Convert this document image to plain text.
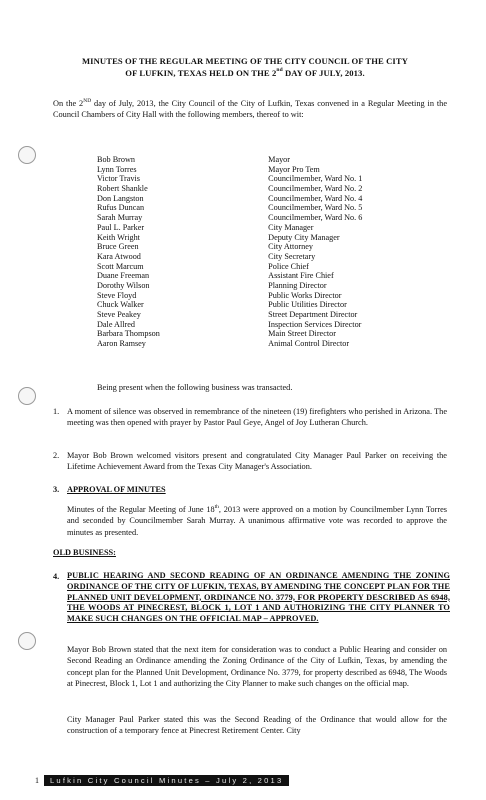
MINUTES OF THE REGULAR MEETING OF THE CITY COUNCIL OF THE CITY
OF LUFKIN, TEXAS HELD ON THE 2nd DAY OF JULY, 2013.
On the 2ND day of July, 2013, the City Council of the City of Lufkin, Texas convened in a Regular Meeting in the Council Chambers of City Hall with the following members, thereof to wit:
Bob Brown	Mayor
Lynn Torres	Mayor Pro Tem
Victor Travis	Councilmember, Ward No. 1
Robert Shankle	Councilmember, Ward No. 2
Don Langston	Councilmember, Ward No. 4
Rufus Duncan	Councilmember, Ward No. 5
Sarah Murray	Councilmember, Ward No. 6
Paul L. Parker	City Manager
Keith Wright	Deputy City Manager
Bruce Green	City Attorney
Kara Atwood	City Secretary
Scott Marcum	Police Chief
Duane Freeman	Assistant Fire Chief
Dorothy Wilson	Planning Director
Steve Floyd	Public Works Director
Chuck Walker	Public Utilities Director
Steve Peakey	Street Department Director
Dale Allred	Inspection Services Director
Barbara Thompson	Main Street Director
Aaron Ramsey	Animal Control Director
Being present when the following business was transacted.
1. A moment of silence was observed in remembrance of the nineteen (19) firefighters who perished in Arizona. The meeting was then opened with prayer by Pastor Paul Geye, Angel of Joy Lutheran Church.
2. Mayor Bob Brown welcomed visitors present and congratulated City Manager Paul Parker on receiving the Lifetime Achievement Award from the Texas City Manager's Association.
3. APPROVAL OF MINUTES
Minutes of the Regular Meeting of June 18th, 2013 were approved on a motion by Councilmember Lynn Torres and seconded by Councilmember Sarah Murray. A unanimous affirmative vote was recorded to approve the minutes as presented.
OLD BUSINESS:
4. PUBLIC HEARING AND SECOND READING OF AN ORDINANCE AMENDING THE ZONING ORDINANCE OF THE CITY OF LUFKIN, TEXAS, BY AMENDING THE CONCEPT PLAN FOR THE PLANNED UNIT DEVELOPMENT, ORDINANCE NO. 3779, FOR PROPERTY DESCRIBED AS 6948, THE WOODS AT PINECREST, BLOCK 1, LOT 1 AND AUTHORIZING THE CITY PLANNER TO MAKE SUCH CHANGES ON THE OFFICIAL MAP – APPROVED.
Mayor Bob Brown stated that the next item for consideration was to conduct a Public Hearing and consider on Second Reading an Ordinance amending the Zoning Ordinance of the City of Lufkin, Texas, by amending the concept plan for the Planned Unit Development, Ordinance No. 3779, for property described as 6948, The Woods at Pinecrest, Block 1, Lot 1 and authorizing the City Planner to make such changes on the official map.
City Manager Paul Parker stated this was the Second Reading of the Ordinance that would allow for the construction of a temporary fence at Pinecrest Retirement Center. City
1	Lufkin City Council Minutes – July 2, 2013
